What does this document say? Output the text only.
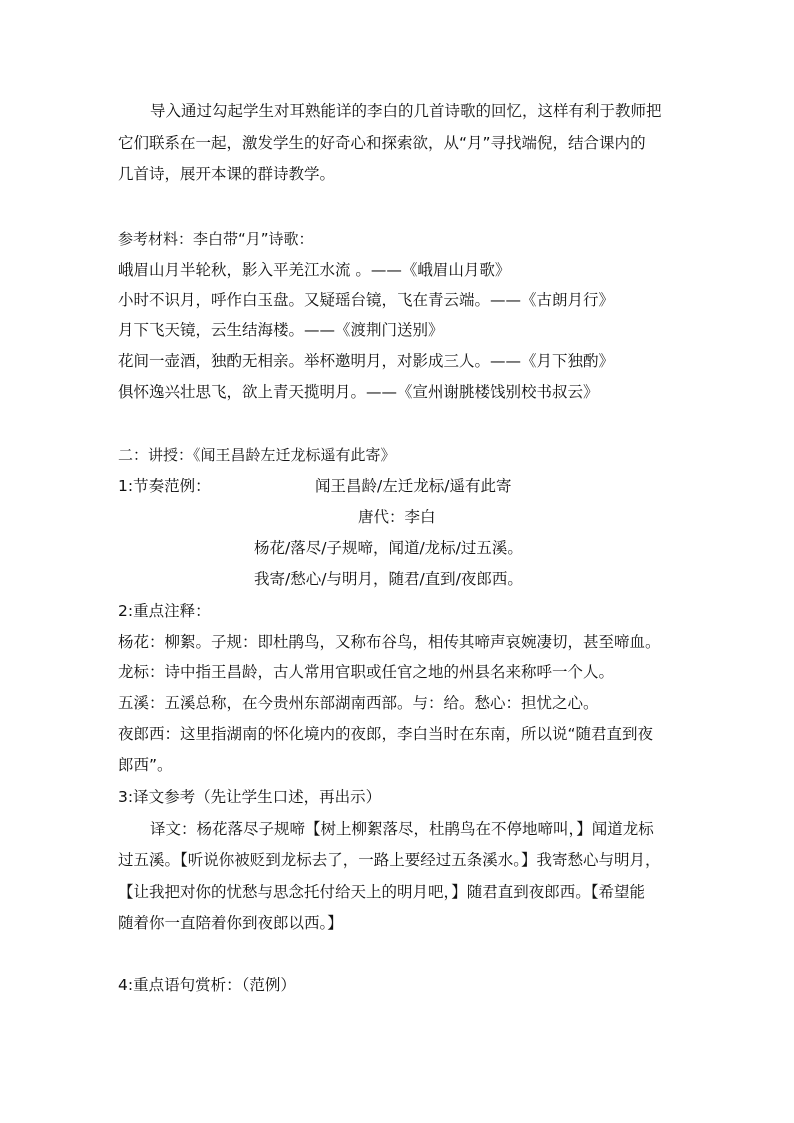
导入通过勾起学生对耳熟能详的李白的几首诗歌的回忆，这样有利于教师把
它们联系在一起，激发学生的好奇心和探索欲，从“月”寻找端倪，结合课内的
几首诗，展开本课的群诗教学。
参考材料：李白带“月”诗歌：
峨眉山月半轮秋，影入平羌江水流 。——《峨眉山月歌》
小时不识月，呼作白玉盘。又疑瑶台镜，飞在青云端。——《古朗月行》
月下飞天镜，云生结海楼。——《渡荆门送别》
花间一壶酒，独酌无相亲。举杯邀明月，对影成三人。——《月下独酌》
俱怀逸兴壮思飞，欲上青天揽明月。——《宣州谢朓楼饯别校书叔云》
二：讲授：《闻王昌龄左迁龙标遥有此寄》
1:节奏范例：	闻王昌龄/左迁龙标/遥有此寄
唐代：李白
杨花/落尽/子规啼，闻道/龙标/过五溪。
我寄/愁心/与明月，随君/直到/夜郎西。
2:重点注释：
杨花：柳絮。子规：即杜鹃鸟，又称布谷鸟，相传其啼声哀婉凄切，甚至啼血。
龙标：诗中指王昌龄，古人常用官职或任官之地的州县名来称呼一个人。
五溪：五溪总称，在今贵州东部湖南西部。与：给。愁心：担忧之心。
夜郎西：这里指湖南的怀化境内的夜郎，李白当时在东南，所以说“随君直到夜
郎西”。
3:译文参考（先让学生口述，再出示）
译文：杨花落尽子规啼【树上柳絮落尽，杜鹃鸟在不停地啼叫，】闻道龙标
过五溪。【听说你被贬到龙标去了，一路上要经过五条溪水。】我寄愁心与明月，
【让我把对你的忧愁与思念托付给天上的明月吧，】随君直到夜郎西。【希望能
随着你一直陪着你到夜郎以西。】
4:重点语句赏析：（范例）
